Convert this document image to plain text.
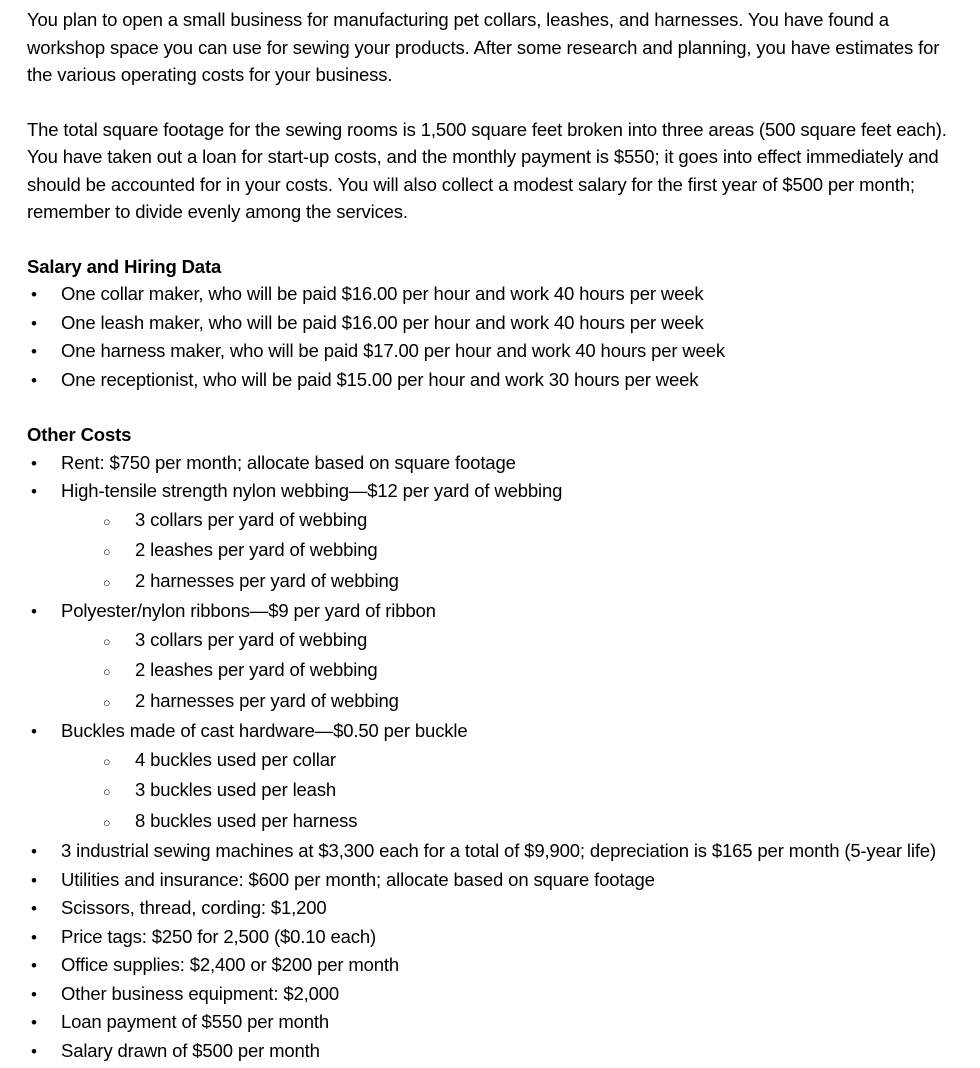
You plan to open a small business for manufacturing pet collars, leashes, and harnesses. You have found a workshop space you can use for sewing your products. After some research and planning, you have estimates for the various operating costs for your business.

The total square footage for the sewing rooms is 1,500 square feet broken into three areas (500 square feet each). You have taken out a loan for start-up costs, and the monthly payment is $550; it goes into effect immediately and should be accounted for in your costs. You will also collect a modest salary for the first year of $500 per month; remember to divide evenly among the services.

Salary and Hiring Data
•	One collar maker, who will be paid $16.00 per hour and work 40 hours per week
•	One leash maker, who will be paid $16.00 per hour and work 40 hours per week
•	One harness maker, who will be paid $17.00 per hour and work 40 hours per week
•	One receptionist, who will be paid $15.00 per hour and work 30 hours per week
Other Costs
•	Rent: $750 per month; allocate based on square footage
•	High-tensile strength nylon webbing—$12 per yard of webbing
○	3 collars per yard of webbing
○	2 leashes per yard of webbing
○	2 harnesses per yard of webbing
•	Polyester/nylon ribbons—$9 per yard of ribbon
○	3 collars per yard of webbing
○	2 leashes per yard of webbing
○	2 harnesses per yard of webbing
•	Buckles made of cast hardware—$0.50 per buckle
○	4 buckles used per collar
○	3 buckles used per leash
○	8 buckles used per harness
•	3 industrial sewing machines at $3,300 each for a total of $9,900; depreciation is $165 per month (5-year life)
•	Utilities and insurance: $600 per month; allocate based on square footage
•	Scissors, thread, cording: $1,200
•	Price tags: $250 for 2,500 ($0.10 each)
•	Office supplies: $2,400 or $200 per month
•	Other business equipment: $2,000
•	Loan payment of $550 per month
•	Salary drawn of $500 per month
